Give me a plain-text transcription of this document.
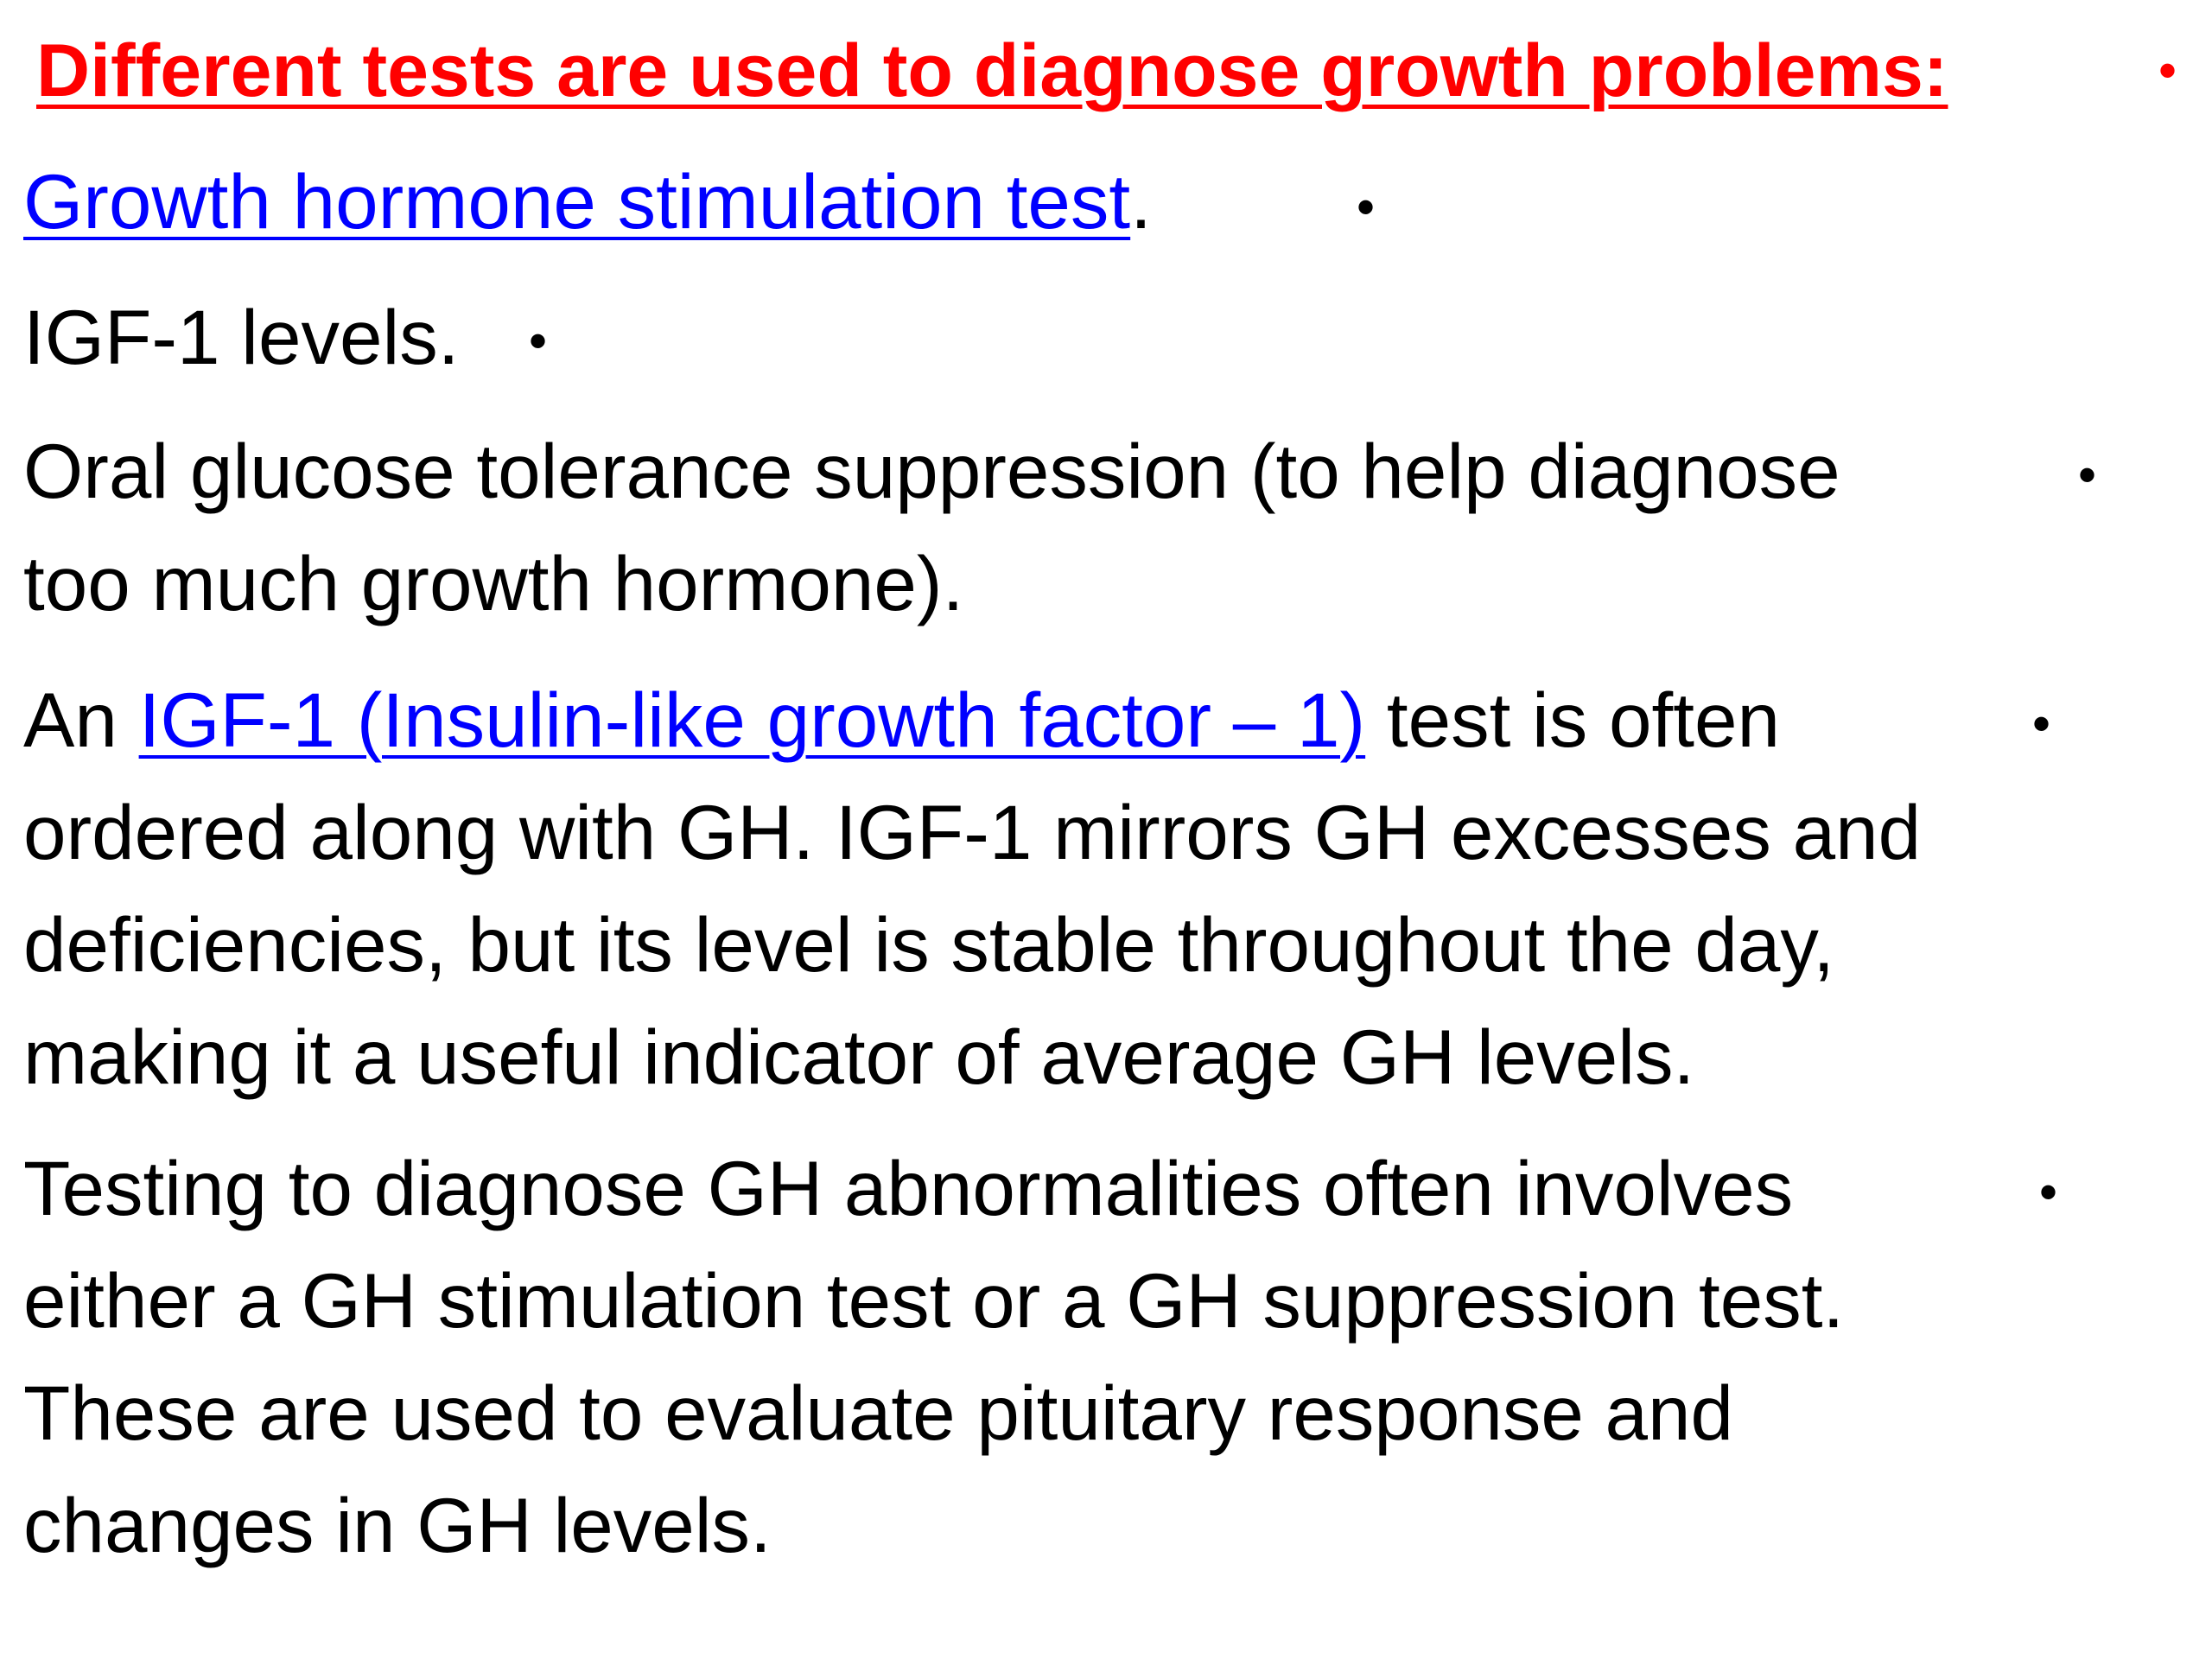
Different tests are used to diagnose growth problems:	•
Growth hormone stimulation test.	•
IGF-1 levels.	•
Oral glucose tolerance suppression (to help diagnose
too much growth hormone).
•
An IGF-1 (Insulin-like growth factor – 1) test is often
ordered along with GH. IGF-1 mirrors GH excesses and
deficiencies, but its level is stable throughout the day,
making it a useful indicator of average GH levels.
•
Testing to diagnose GH abnormalities often involves
either a GH stimulation test or a GH suppression test.
These are used to evaluate pituitary response and
changes in GH levels.
•
